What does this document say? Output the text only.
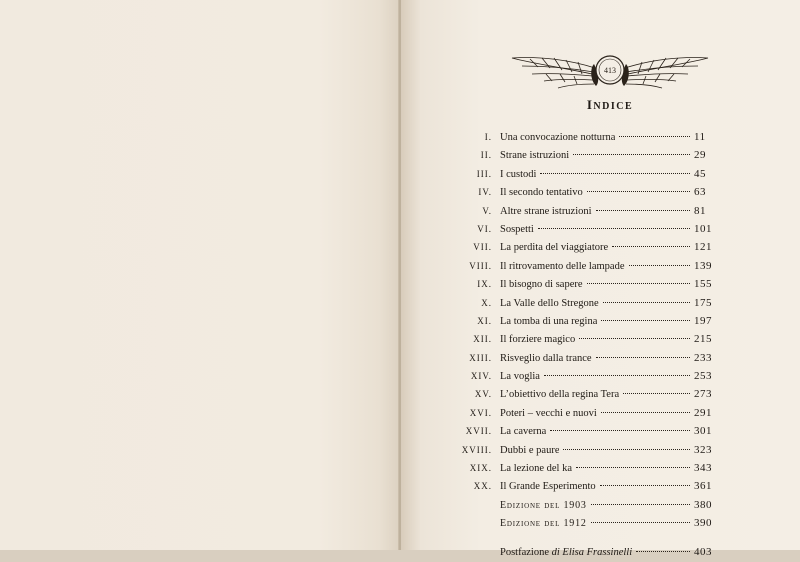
413
INDICE
I. Una convocazione notturna	11
II. Strane istruzioni	29
III. I custodi	45
IV. Il secondo tentativo	63
V. Altre strane istruzioni	81
VI. Sospetti	101
VII. La perdita del viaggiatore	121
VIII. Il ritrovamento delle lampade	139
IX. Il bisogno di sapere	155
X. La Valle dello Stregone	175
XI. La tomba di una regina	197
XII. Il forziere magico	215
XIII. Risveglio dalla trance	233
XIV. La voglia	253
XV. L’obiettivo della regina Tera	273
XVI. Poteri – vecchi e nuovi	291
XVII. La caverna	301
XVIII. Dubbi e paure	323
XIX. La lezione del ka	343
XX. Il Grande Esperimento	361
Edizione del 1903	380
Edizione del 1912	390
Postfazione di Elisa Frassinelli	403
